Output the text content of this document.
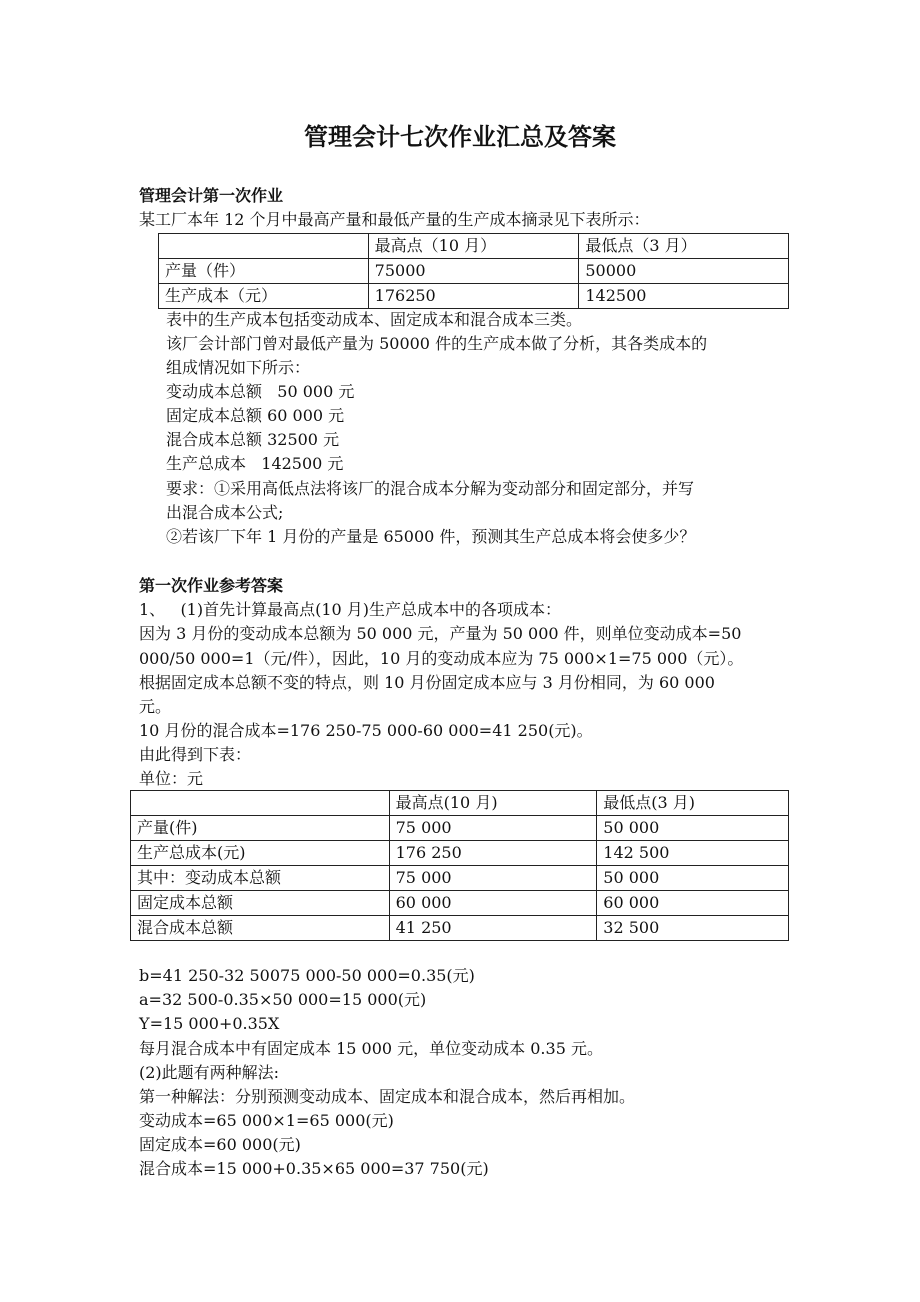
管理会计七次作业汇总及答案
管理会计第一次作业
某工厂本年 12 个月中最高产量和最低产量的生产成本摘录见下表所示：
	最高点（10 月）	最低点（3 月）
产量（件）	75000	50000
生产成本（元）	176250	142500
表中的生产成本包括变动成本、固定成本和混合成本三类。
该厂会计部门曾对最低产量为 50000 件的生产成本做了分析，其各类成本的
组成情况如下所示：
变动成本总额   50 000 元
固定成本总额 60 000 元
混合成本总额 32500 元
生产总成本   142500 元
要求：①采用高低点法将该厂的混合成本分解为变动部分和固定部分，并写
出混合成本公式;
②若该厂下年 1 月份的产量是 65000 件，预测其生产总成本将会使多少？
第一次作业参考答案
1、   (1)首先计算最高点(10 月)生产总成本中的各项成本：
因为 3 月份的变动成本总额为 50 000 元，产量为 50 000 件，则单位变动成本=50
000/50 000=1（元/件），因此，10 月的变动成本应为 75 000×1=75 000（元）。
根据固定成本总额不变的特点，则 10 月份固定成本应与 3 月份相同，为 60 000
元。
10 月份的混合成本=176 250-75 000-60 000=41 250(元)。
由此得到下表：
单位：元
	最高点(10 月)	最低点(3 月)
产量(件)	75 000	50 000
生产总成本(元)	176 250	142 500
其中：变动成本总额	75 000	50 000
固定成本总额	60 000	60 000
混合成本总额	41 250	32 500
b=41 250-32 50075 000-50 000=0.35(元)
a=32 500-0.35×50 000=15 000(元)
Y=15 000+0.35X
每月混合成本中有固定成本 15 000 元，单位变动成本 0.35 元。
(2)此题有两种解法:
第一种解法：分别预测变动成本、固定成本和混合成本，然后再相加。
变动成本=65 000×1=65 000(元)
固定成本=60 000(元)
混合成本=15 000+0.35×65 000=37 750(元)
